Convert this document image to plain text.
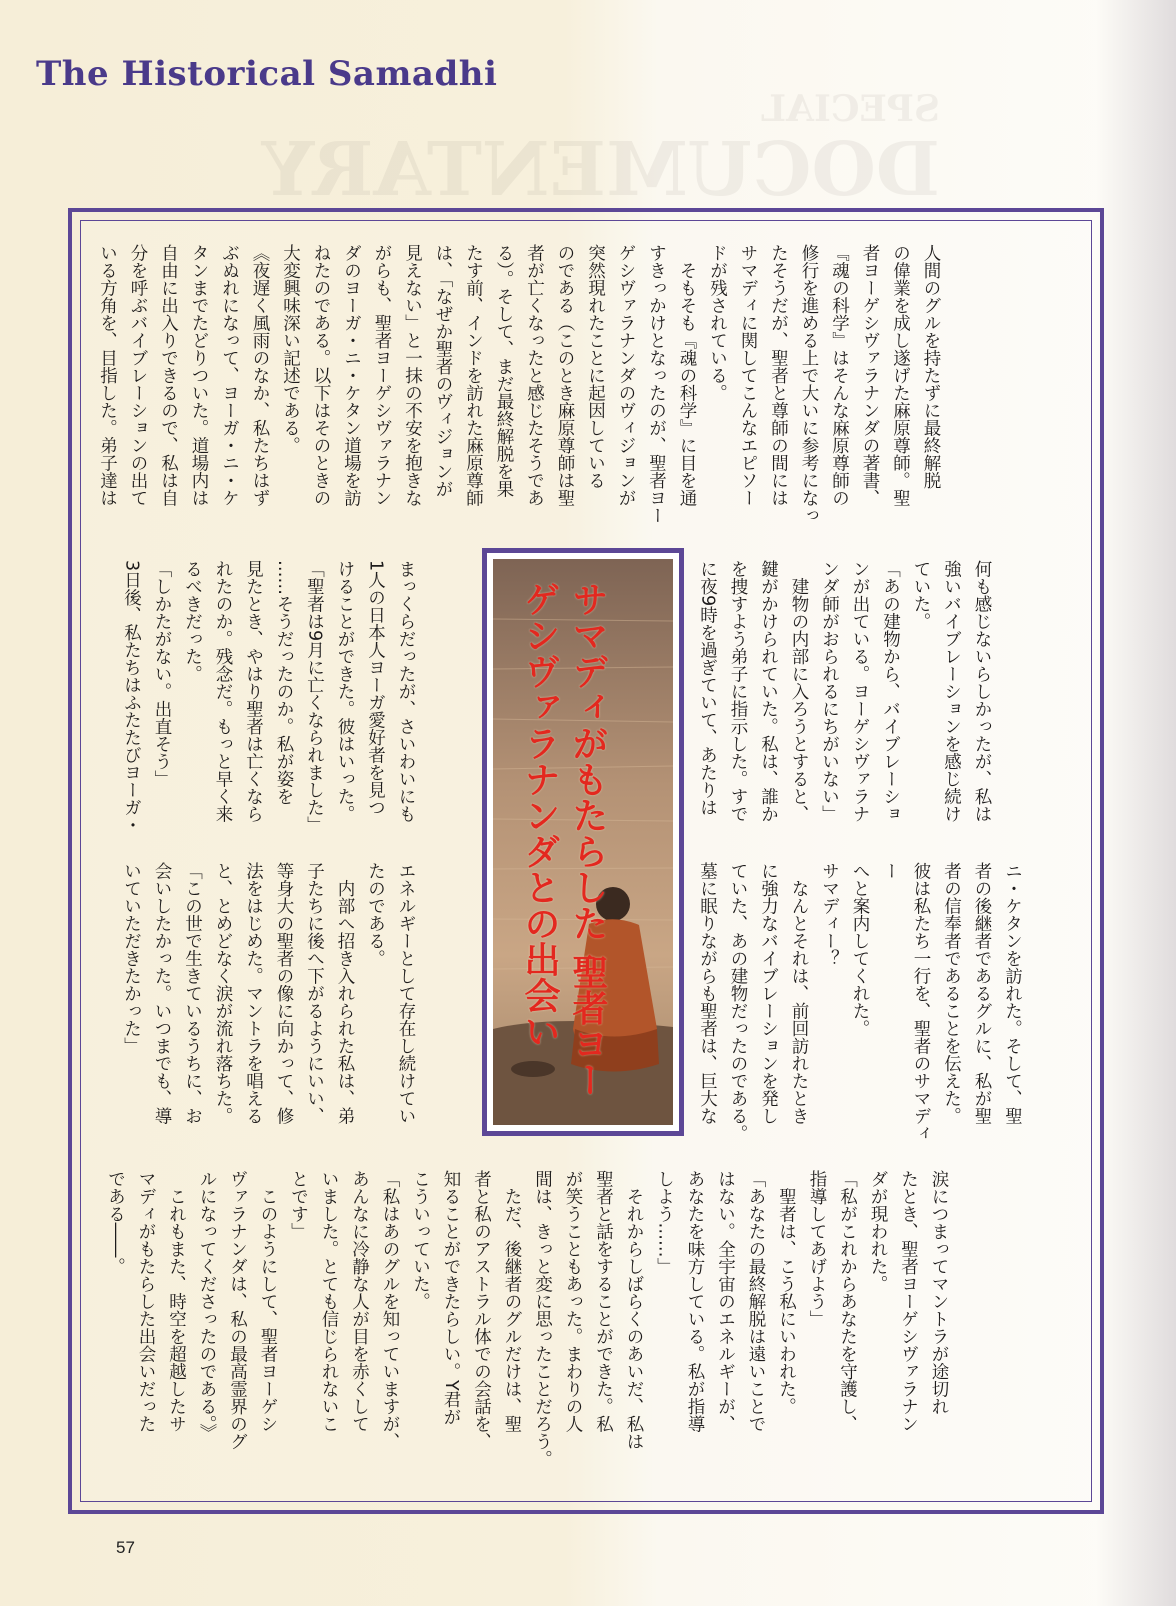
The Historical Samadhi
SPECIAL
DOCUMENTARY

人間のグルを持たずに最終解脱
の偉業を成し遂げた麻原尊師。聖
者ヨーゲシヴァラナンダの著書、
『魂の科学』はそんな麻原尊師の
修行を進める上で大いに参考になっ
たそうだが、聖者と尊師の間には
サマディに関してこんなエピソー
ドが残されている。
　そもそも『魂の科学』に目を通
すきっかけとなったのが、聖者ヨー
ゲシヴァラナンダのヴィジョンが
突然現れたことに起因している
のである（このとき麻原尊師は聖
者が亡くなったと感じたそうであ
る）。そして、まだ最終解脱を果
たす前、インドを訪れた麻原尊師
は、「なぜか聖者のヴィジョンが
見えない」と一抹の不安を抱きな
がらも、聖者ヨーゲシヴァラナン
ダのヨーガ・ニ・ケタン道場を訪
ねたのである。以下はそのときの
大変興味深い記述である。
《夜遅く風雨のなか、私たちはず
ぶぬれになって、ヨーガ・ニ・ケ
タンまでたどりついた。道場内は
自由に出入りできるので、私は自
分を呼ぶバイブレーションの出て
いる方角を、目指した。弟子達は

何も感じないらしかったが、私は
強いバイブレーションを感じ続け
ていた。
「あの建物から、バイブレーショ
ンが出ている。ヨーゲシヴァラナ
ンダ師がおられるにちがいない」
　建物の内部に入ろうとすると、
鍵がかけられていた。私は、誰か
を捜すよう弟子に指示した。すで
に夜9時を過ぎていて、あたりは

まっくらだったが、さいわいにも
1人の日本人ヨーガ愛好者を見つ
けることができた。彼はいった。
「聖者は9月に亡くなられました」
……そうだったのか。私が姿を
見たとき、やはり聖者は亡くなら
れたのか。残念だ。もっと早く来
るべきだった。
「しかたがない。出直そう」
3日後、私たちはふたたびヨーガ・

ニ・ケタンを訪れた。そして、聖
者の後継者であるグルに、私が聖
者の信奉者であることを伝えた。
彼は私たち一行を、聖者のサマディー
へと案内してくれた。
サマディー？
　なんとそれは、前回訪れたとき
に強力なバイブレーションを発し
ていた、あの建物だったのである。
墓に眠りながらも聖者は、巨大な

エネルギーとして存在し続けてい
たのである。
　内部へ招き入れられた私は、弟
子たちに後へ下がるようにいい、
等身大の聖者の像に向かって、修
法をはじめた。マントラを唱える
と、とめどなく涙が流れ落ちた。
「この世で生きているうちに、お
会いしたかった。いつまでも、導
いていただきたかった」

涙につまってマントラが途切れ
たとき、聖者ヨーゲシヴァラナン
ダが現われた。
「私がこれからあなたを守護し、
指導してあげよう」
　聖者は、こう私にいわれた。
「あなたの最終解脱は遠いことで
はない。全宇宙のエネルギーが、
あなたを味方している。私が指導
しよう……」
　それからしばらくのあいだ、私は
聖者と話をすることができた。私
が笑うこともあった。まわりの人
間は、きっと変に思ったことだろう。
　ただ、後継者のグルだけは、聖
者と私のアストラル体での会話を、
知ることができたらしい。Y君が
こういっていた。
「私はあのグルを知っていますが、
あんなに冷静な人が目を赤くして
いました。とても信じられないこ
とです」
　このようにして、聖者ヨーゲシ
ヴァラナンダは、私の最高霊界のグ
ルになってくださったのである。》
　これもまた、時空を超越したサ
マディがもたらした出会いだった
である――。

サマディがもたらした 聖者ヨーゲシヴァラナンダとの出会い

57
